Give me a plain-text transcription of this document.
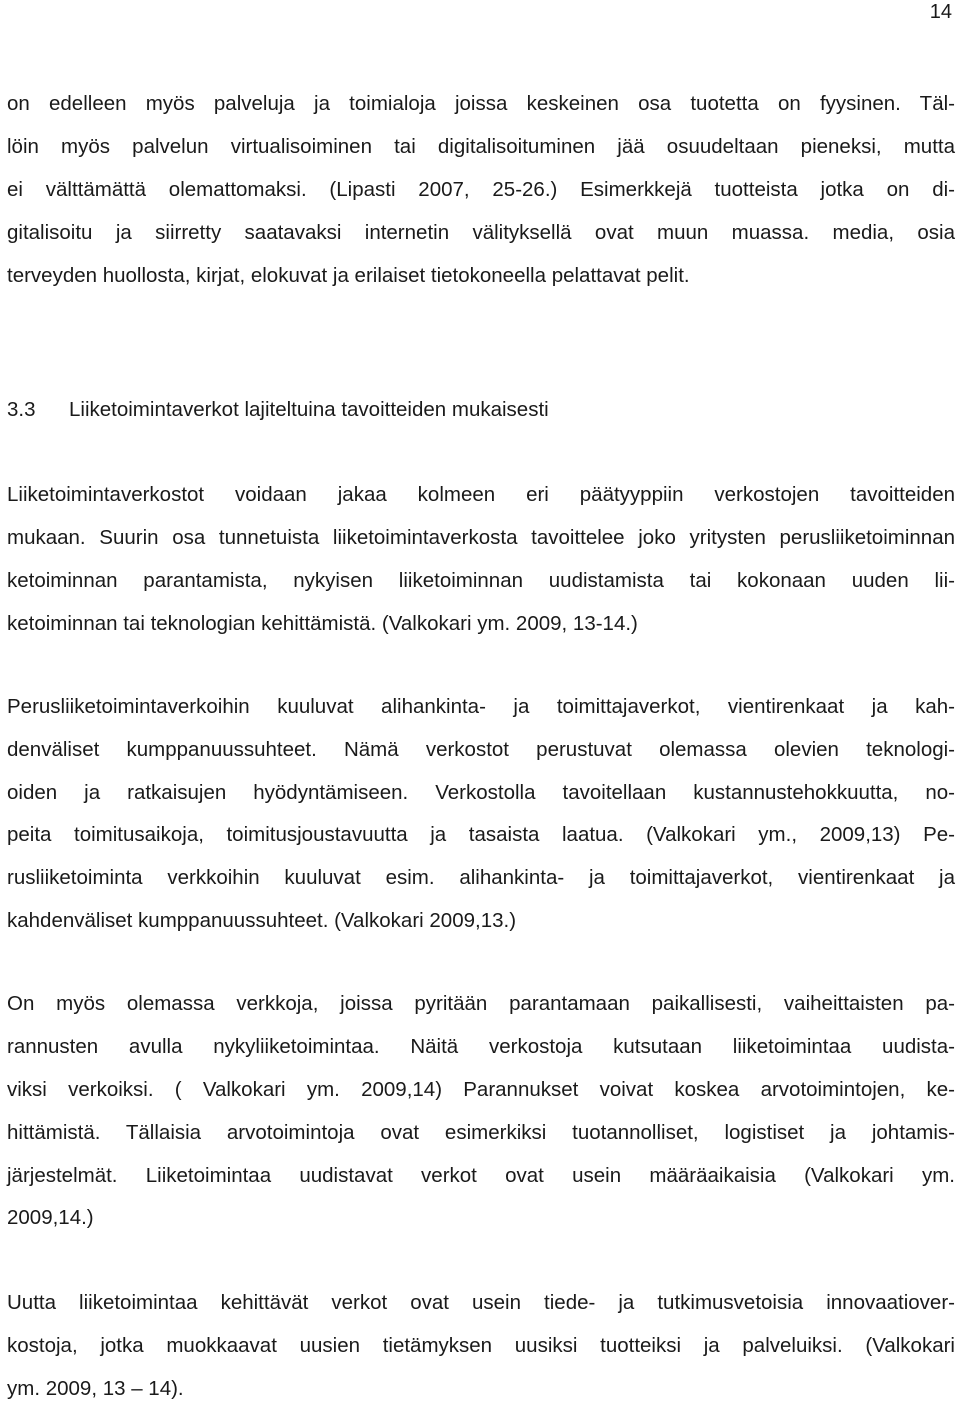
14

on edelleen myös palveluja ja toimialoja joissa keskeinen osa tuotetta on fyysinen. Täl-

löin myös palvelun virtualisoiminen tai digitalisoituminen jää osuudeltaan pieneksi, mutta

ei välttämättä olemattomaksi. (Lipasti 2007, 25-26.) Esimerkkejä tuotteista jotka on di-

gitalisoitu ja siirretty saatavaksi internetin välityksellä ovat muun muassa. media, osia

terveyden huollosta, kirjat, elokuvat ja erilaiset tietokoneella pelattavat pelit.

3.3 Liiketoimintaverkot lajiteltuina tavoitteiden mukaisesti

Liiketoimintaverkostot voidaan jakaa kolmeen eri päätyyppiin verkostojen tavoitteiden

mukaan. Suurin osa tunnetuista liiketoimintaverkosta tavoittelee joko yritysten perusliiketoiminnan

ketoiminnan parantamista, nykyisen liiketoiminnan uudistamista tai kokonaan uuden lii-

ketoiminnan tai teknologian kehittämistä. (Valkokari ym. 2009, 13-14.)

Perusliiketoimintaverkoihin kuuluvat alihankinta- ja toimittajaverkot, vientirenkaat ja kah-

denväliset kumppanuussuhteet. Nämä verkostot perustuvat olemassa olevien teknologi-

oiden ja ratkaisujen hyödyntämiseen. Verkostolla tavoitellaan kustannustehokkuutta, no-

peita toimitusaikoja, toimitusjoustavuutta ja tasaista laatua. (Valkokari ym., 2009,13) Pe-

rusliiketoiminta verkkoihin kuuluvat esim. alihankinta- ja toimittajaverkot, vientirenkaat ja

kahdenväliset kumppanuussuhteet. (Valkokari 2009,13.)

On myös olemassa verkkoja, joissa pyritään parantamaan paikallisesti, vaiheittaisten pa-

rannusten avulla nykyliiketoimintaa. Näitä verkostoja kutsutaan liiketoimintaa uudista-

viksi verkoiksi. ( Valkokari ym. 2009,14) Parannukset voivat koskea arvotoimintojen, ke-

hittämistä. Tällaisia arvotoimintoja ovat esimerkiksi tuotannolliset, logistiset ja johtamis-

järjestelmät. Liiketoimintaa uudistavat verkot ovat usein määräaikaisia (Valkokari ym.

2009,14.)

Uutta liiketoimintaa kehittävät verkot ovat usein tiede- ja tutkimusvetoisia innovaatiover-

kostoja, jotka muokkaavat uusien tietämyksen uusiksi tuotteiksi ja palveluiksi. (Valkokari

ym. 2009, 13 – 14).
